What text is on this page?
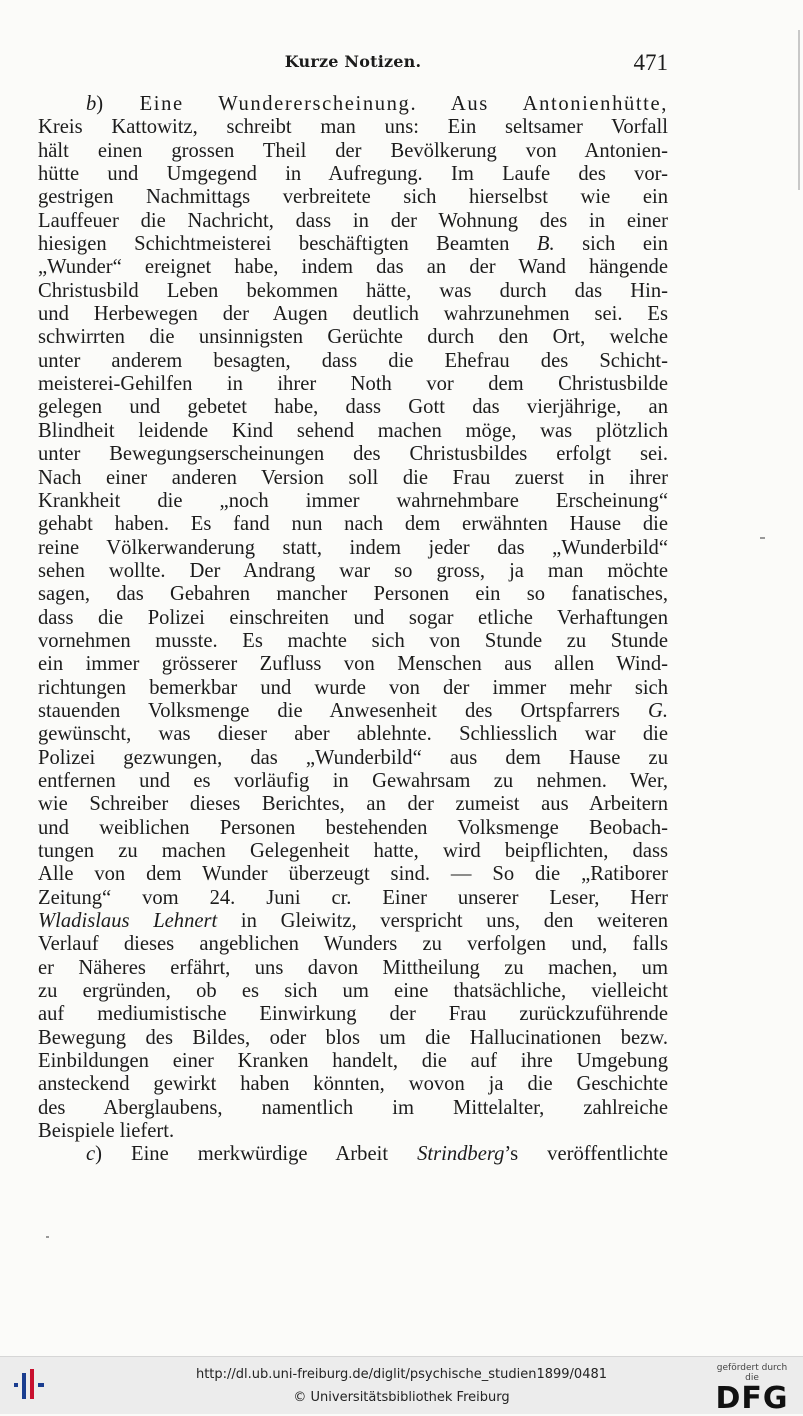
Kurze Notizen.	471
b) Eine Wundererscheinung. Aus Antonienhütte,
Kreis Kattowitz, schreibt man uns: Ein seltsamer Vorfall
hält einen grossen Theil der Bevölkerung von Antonien-
hütte und Umgegend in Aufregung. Im Laufe des vor-
gestrigen Nachmittags verbreitete sich hierselbst wie ein
Lauffeuer die Nachricht, dass in der Wohnung des in einer
hiesigen Schichtmeisterei beschäftigten Beamten B. sich ein
„Wunder“ ereignet habe, indem das an der Wand hängende
Christusbild Leben bekommen hätte, was durch das Hin-
und Herbewegen der Augen deutlich wahrzunehmen sei. Es
schwirrten die unsinnigsten Gerüchte durch den Ort, welche
unter anderem besagten, dass die Ehefrau des Schicht-
meisterei-Gehilfen in ihrer Noth vor dem Christusbilde
gelegen und gebetet habe, dass Gott das vierjährige, an
Blindheit leidende Kind sehend machen möge, was plötzlich
unter Bewegungserscheinungen des Christusbildes erfolgt sei.
Nach einer anderen Version soll die Frau zuerst in ihrer
Krankheit die „noch immer wahrnehmbare Erscheinung“
gehabt haben. Es fand nun nach dem erwähnten Hause die
reine Völkerwanderung statt, indem jeder das „Wunderbild“
sehen wollte. Der Andrang war so gross, ja man möchte
sagen, das Gebahren mancher Personen ein so fanatisches,
dass die Polizei einschreiten und sogar etliche Verhaftungen
vornehmen musste. Es machte sich von Stunde zu Stunde
ein immer grösserer Zufluss von Menschen aus allen Wind-
richtungen bemerkbar und wurde von der immer mehr sich
stauenden Volksmenge die Anwesenheit des Ortspfarrers G.
gewünscht, was dieser aber ablehnte. Schliesslich war die
Polizei gezwungen, das „Wunderbild“ aus dem Hause zu
entfernen und es vorläufig in Gewahrsam zu nehmen. Wer,
wie Schreiber dieses Berichtes, an der zumeist aus Arbeitern
und weiblichen Personen bestehenden Volksmenge Beobach-
tungen zu machen Gelegenheit hatte, wird beipflichten, dass
Alle von dem Wunder überzeugt sind. — So die „Ratiborer
Zeitung“ vom 24. Juni cr. Einer unserer Leser, Herr
Wladislaus Lehnert in Gleiwitz, verspricht uns, den weiteren
Verlauf dieses angeblichen Wunders zu verfolgen und, falls
er Näheres erfährt, uns davon Mittheilung zu machen, um
zu ergründen, ob es sich um eine thatsächliche, vielleicht
auf mediumistische Einwirkung der Frau zurückzuführende
Bewegung des Bildes, oder blos um die Hallucinationen bezw.
Einbildungen einer Kranken handelt, die auf ihre Umgebung
ansteckend gewirkt haben könnten, wovon ja die Geschichte
des Aberglaubens, namentlich im Mittelalter, zahlreiche
Beispiele liefert.
c) Eine merkwürdige Arbeit Strindberg’s veröffentlichte
http://dl.ub.uni-freiburg.de/diglit/psychische_studien1899/0481
© Universitätsbibliothek Freiburg
gefördert durch die
DFG
